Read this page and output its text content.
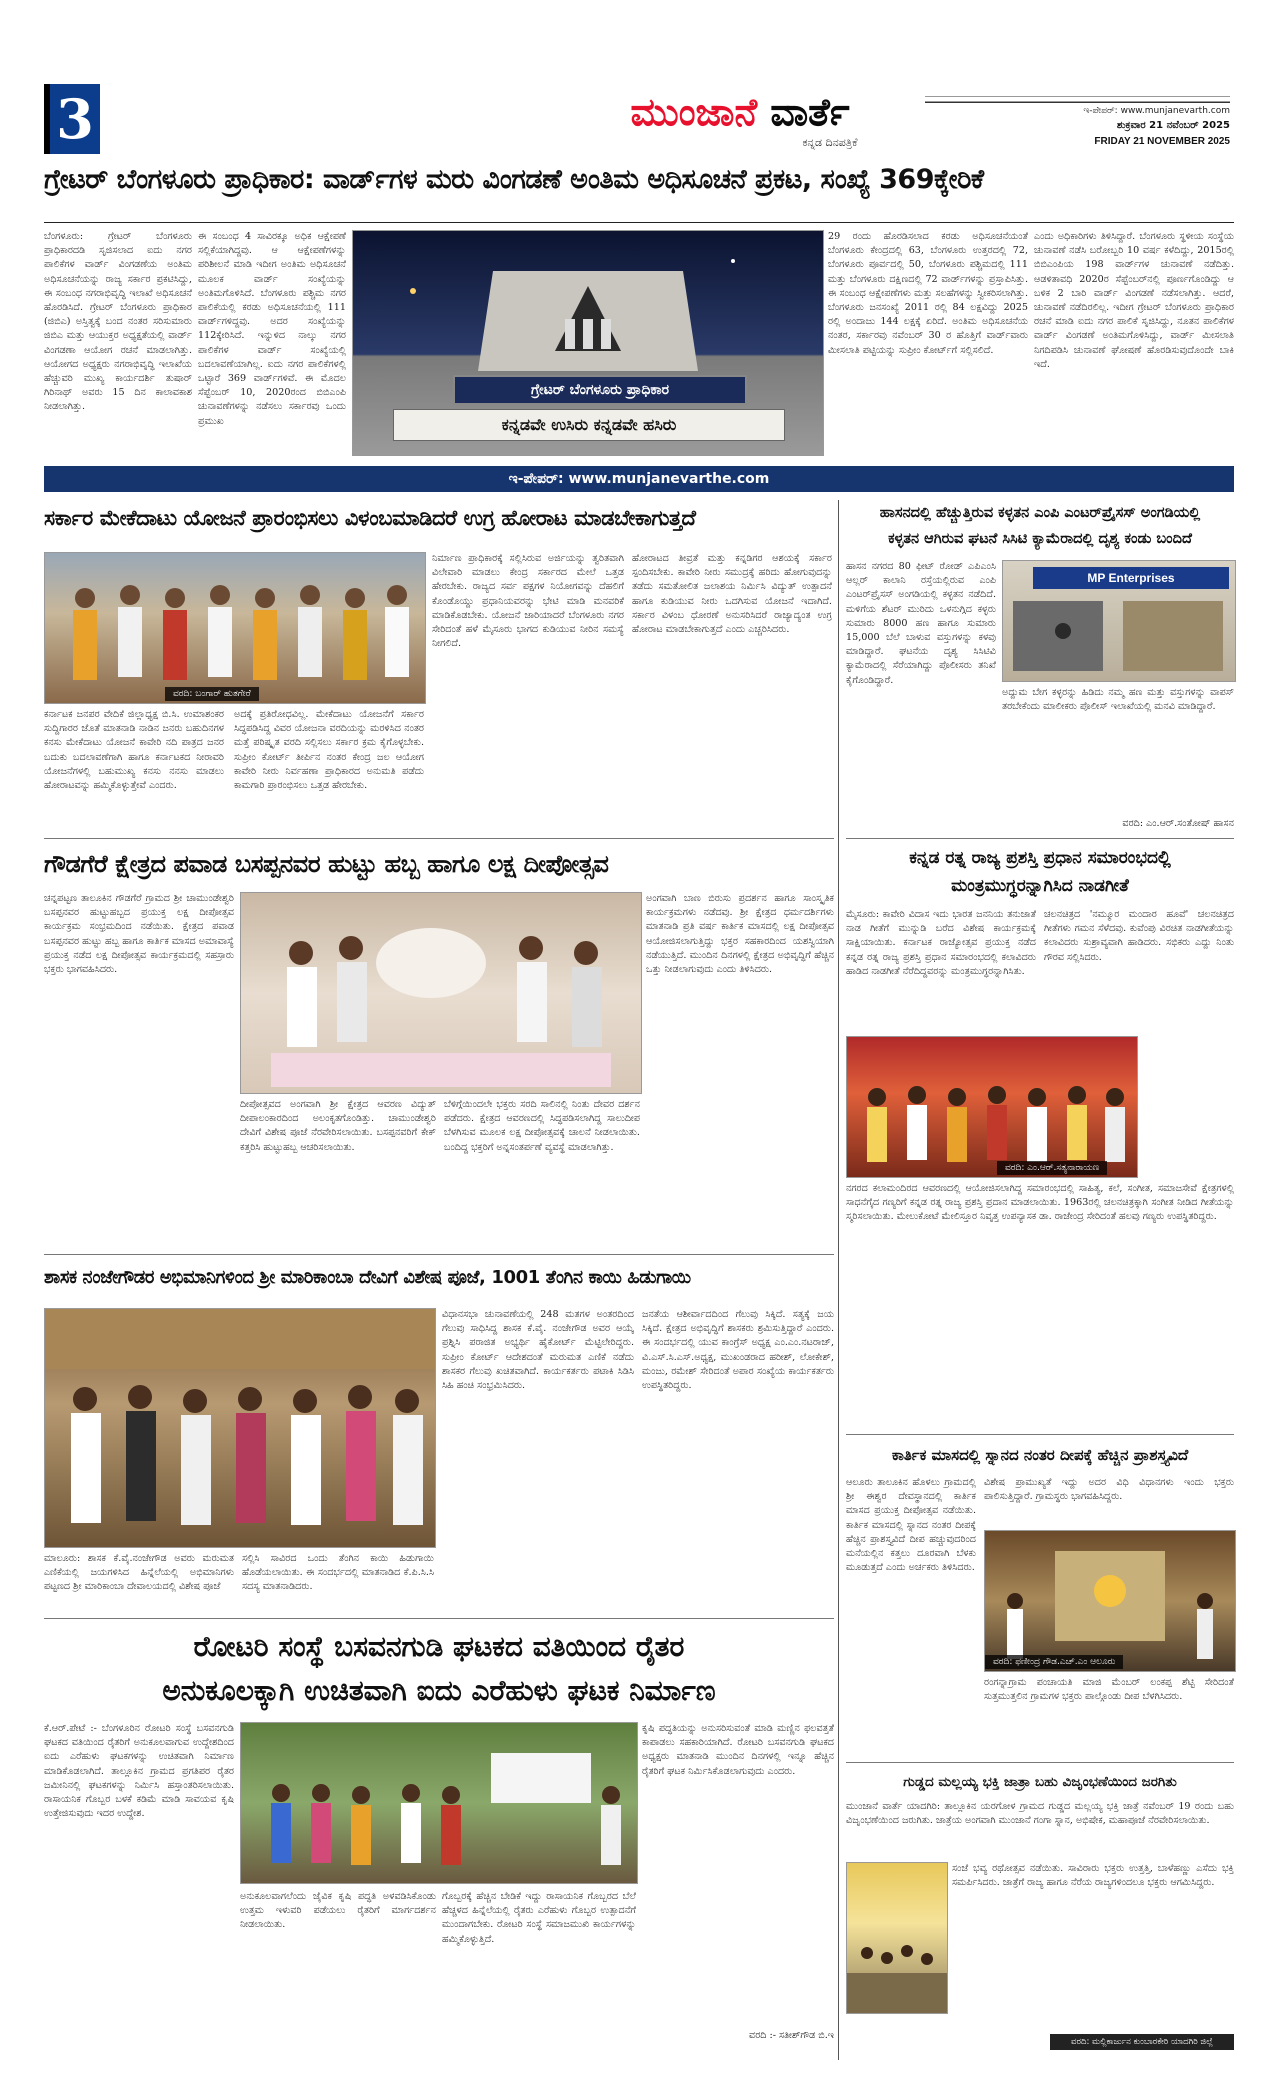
3	ಮುಂಜಾನೆ ವಾರ್ತೆ
ಕನ್ನಡ ದಿನಪತ್ರಿಕೆ
ಇ-ಪೇಪರ್: www.munjanevarth.com
ಶುಕ್ರವಾರ 21 ನವೆಂಬರ್ 2025
FRIDAY 21 NOVEMBER 2025
ಗ್ರೇಟರ್ ಬೆಂಗಳೂರು ಪ್ರಾಧಿಕಾರ: ವಾರ್ಡ್‌ಗಳ ಮರು ವಿಂಗಡಣೆ ಅಂತಿಮ ಅಧಿಸೂಚನೆ ಪ್ರಕಟ, ಸಂಖ್ಯೆ 369ಕ್ಕೇರಿಕೆ
ಬೆಂಗಳೂರು: ಗ್ರೇಟರ್ ಬೆಂಗಳೂರು ಪ್ರಾಧಿಕಾರದಡಿ ಸೃಜಿಸಲಾದ ಐದು ನಗರ ಪಾಲಿಕೆಗಳ ವಾರ್ಡ್ ವಿಂಗಡಣೆಯ ಅಂತಿಮ ಅಧಿಸೂಚನೆಯನ್ನು ರಾಜ್ಯ ಸರ್ಕಾರ ಪ್ರಕಟಿಸಿದ್ದು, ಈ ಸಂಬಂಧ ನಗರಾಭಿವೃದ್ಧಿ ಇಲಾಖೆ ಅಧಿಸೂಚನೆ ಹೊರಡಿಸಿದೆ. ಗ್ರೇಟರ್ ಬೆಂಗಳೂರು ಪ್ರಾಧಿಕಾರ (ಜಿಬಿಎ) ಅಸ್ತಿತ್ವಕ್ಕೆ ಬಂದ ನಂತರ ಸರಿಸುಮಾರು ಜಿಬಿಎ ಮತ್ತು ಆಯುಕ್ತರ ಅಧ್ಯಕ್ಷತೆಯಲ್ಲಿ ವಾರ್ಡ್ ವಿಂಗಡಣಾ ಆಯೋಗ ರಚನೆ ಮಾಡಲಾಗಿತ್ತು. ಆಯೋಗದ ಅಧ್ಯಕ್ಷರು ನಗರಾಭಿವೃದ್ಧಿ ಇಲಾಖೆಯ ಹೆಚ್ಚುವರಿ ಮುಖ್ಯ ಕಾರ್ಯದರ್ಶಿ ತುಷಾರ್ ಗಿರಿನಾಥ್ ಅವರು 15 ದಿನ ಕಾಲಾವಕಾಶ ನೀಡಲಾಗಿತ್ತು.
ಈ ಸಂಬಂಧ 4 ಸಾವಿರಕ್ಕೂ ಅಧಿಕ ಆಕ್ಷೇಪಣೆ ಸಲ್ಲಿಕೆಯಾಗಿದ್ದವು. ಆ ಆಕ್ಷೇಪಣೆಗಳನ್ನು ಪರಿಶೀಲನೆ ಮಾಡಿ ಇದೀಗ ಅಂತಿಮ ಅಧಿಸೂಚನೆ ಮೂಲಕ ವಾರ್ಡ್ ಸಂಖ್ಯೆಯನ್ನು ಅಂತಿಮಗೊಳಿಸಿದೆ. ಬೆಂಗಳೂರು ಪಶ್ಚಿಮ ನಗರ ಪಾಲಿಕೆಯಲ್ಲಿ ಕರಡು ಅಧಿಸೂಚನೆಯಲ್ಲಿ 111 ವಾರ್ಡ್‌ಗಳಿದ್ದವು. ಅದರ ಸಂಖ್ಯೆಯನ್ನು 112ಕ್ಕೇರಿಸಿದೆ. ಇನ್ನುಳಿದ ನಾಲ್ಕು ನಗರ ಪಾಲಿಕೆಗಳ ವಾರ್ಡ್ ಸಂಖ್ಯೆಯಲ್ಲಿ ಬದಲಾವಣೆಯಾಗಿಲ್ಲ. ಐದು ನಗರ ಪಾಲಿಕೆಗಳಲ್ಲಿ ಒಟ್ಟಾರೆ 369 ವಾರ್ಡ್‌ಗಳಿವೆ. ಈ ಮೊದಲ ಸೆಪ್ಟೆಂಬರ್ 10, 2020ರಂದ ಬಿಬಿಎಂಪಿ ಚುನಾವಣೆಗಳನ್ನು ನಡೆಸಲು ಸರ್ಕಾರವು ಒಂದು ಪ್ರಮುಖ
ಗ್ರೇಟರ್ ಬೆಂಗಳೂರು ಪ್ರಾಧಿಕಾರ
ಕನ್ನಡವೇ ಉಸಿರು ಕನ್ನಡವೇ ಹಸಿರು
29 ರಂದು ಹೊರಡಿಸಲಾದ ಕರಡು ಅಧಿಸೂಚನೆಯಂತೆ ಬೆಂಗಳೂರು ಕೇಂದ್ರದಲ್ಲಿ 63, ಬೆಂಗಳೂರು ಉತ್ತರದಲ್ಲಿ 72, ಬೆಂಗಳೂರು ಪೂರ್ವದಲ್ಲಿ 50, ಬೆಂಗಳೂರು ಪಶ್ಚಿಮದಲ್ಲಿ 111 ಮತ್ತು ಬೆಂಗಳೂರು ದಕ್ಷಿಣದಲ್ಲಿ 72 ವಾರ್ಡ್‌ಗಳನ್ನು ಪ್ರಸ್ತಾಪಿಸಿತ್ತು. ಈ ಸಂಬಂಧ ಆಕ್ಷೇಪಣೆಗಳು ಮತ್ತು ಸಲಹೆಗಳನ್ನು ಸ್ವೀಕರಿಸಲಾಗಿತ್ತು. ಬೆಂಗಳೂರು ಜನಸಂಖ್ಯೆ 2011 ರಲ್ಲಿ 84 ಲಕ್ಷವಿದ್ದು 2025 ರಲ್ಲಿ ಅಂದಾಜು 144 ಲಕ್ಷಕ್ಕೆ ಏರಿದೆ. ಅಂತಿಮ ಅಧಿಸೂಚನೆಯ ನಂತರ, ಸರ್ಕಾರವು ನವೆಂಬರ್ 30 ರ ಹೊತ್ತಿಗೆ ವಾರ್ಡ್‌ವಾರು ಮೀಸಲಾತಿ ಪಟ್ಟಿಯನ್ನು ಸುಪ್ರೀಂ ಕೋರ್ಟ್‌ಗೆ ಸಲ್ಲಿಸಲಿದೆ.
ಎಂದು ಅಧಿಕಾರಿಗಳು ತಿಳಿಸಿದ್ದಾರೆ. ಬೆಂಗಳೂರು ಸ್ಥಳೀಯ ಸಂಸ್ಥೆಯ ಚುನಾವಣೆ ನಡೆಸಿ ಬರೋಬ್ಬರಿ 10 ವರ್ಷ ಕಳೆದಿದ್ದು, 2015ರಲ್ಲಿ ಬಿಬಿಎಂಪಿಯ 198 ವಾರ್ಡ್‌ಗಳ ಚುನಾವಣೆ ನಡೆದಿತ್ತು. ಆಡಳಿತಾವಧಿ 2020ರ ಸೆಪ್ಟೆಂಬರ್‌ನಲ್ಲಿ ಪೂರ್ಣಗೊಂಡಿದ್ದು ಆ ಬಳಿಕ 2 ಬಾರಿ ವಾರ್ಡ್ ವಿಂಗಡಣೆ ನಡೆಸಲಾಗಿತ್ತು. ಆದರೆ, ಚುನಾವಣೆ ನಡೆದಿರಲಿಲ್ಲ. ಇದೀಗ ಗ್ರೇಟರ್ ಬೆಂಗಳೂರು ಪ್ರಾಧಿಕಾರ ರಚನೆ ಮಾಡಿ ಐದು ನಗರ ಪಾಲಿಕೆ ಸೃಜಿಸಿದ್ದು, ನೂತನ ಪಾಲಿಕೆಗಳ ವಾರ್ಡ್ ವಿಂಗಡಣೆ ಅಂತಿಮಗೊಳಿಸಿದ್ದು, ವಾರ್ಡ್ ಮೀಸಲಾತಿ ನಿಗದಿಪಡಿಸಿ ಚುನಾವಣೆ ಘೋಷಣೆ ಹೊರಡಿಸುವುದೊಂದೇ ಬಾಕಿ ಇದೆ.
ಇ-ಪೇಪರ್: www.munjanevarthe.com
ಸರ್ಕಾರ ಮೇಕೆದಾಟು ಯೋಜನೆ ಪ್ರಾರಂಭಿಸಲು ವಿಳಂಬಮಾಡಿದರೆ ಉಗ್ರ ಹೋರಾಟ ಮಾಡಬೇಕಾಗುತ್ತದೆ
ವರದಿ: ಬಂಗಾರ್‌ ಹುತಗೇರೆ
ಕರ್ನಾಟಕ ಜನಪರ ವೇದಿಕೆ ಜಿಲ್ಲಾಧ್ಯಕ್ಷ ಬಿ.ಸಿ. ಉಮಾಶಂಕರ ಸುದ್ದಿಗಾರರ ಜೊತೆ ಮಾತನಾಡಿ ನಾಡಿನ ಜನರು ಬಹುದಿನಗಳ ಕನಸು ಮೇಕೆದಾಟು ಯೋಜನೆ ಕಾವೇರಿ ನದಿ ಪಾತ್ರದ ಜನರ ಬದುಕು ಬದಲಾವಣೆಗಾಗಿ ಹಾಗೂ ಕರ್ನಾಟಕದ ನೀರಾವರಿ ಯೋಜನೆಗಳಲ್ಲಿ ಬಹುಮುಖ್ಯ ಕನಸು ನನಸು ಮಾಡಲು ಹೋರಾಟವನ್ನು ಹಮ್ಮಿಕೊಳ್ಳುತ್ತೇವೆ ಎಂದರು.
ಅದಕ್ಕೆ ಪ್ರತಿರೋಧವಿಲ್ಲ. ಮೇಕೆದಾಟು ಯೋಜನೆಗೆ ಸರ್ಕಾರ ಸಿದ್ಧಪಡಿಸಿದ್ದ ವಿವರ ಯೋಜನಾ ವರದಿಯನ್ನು ಮರಳಿಸಿದ ನಂತರ ಮತ್ತೆ ಪರಿಷ್ಕೃತ ವರದಿ ಸಲ್ಲಿಸಲು ಸರ್ಕಾರ ಕ್ರಮ ಕೈಗೊಳ್ಳಬೇಕು. ಸುಪ್ರೀಂ ಕೋರ್ಟ್ ತೀರ್ಪಿನ ನಂತರ ಕೇಂದ್ರ ಜಲ ಆಯೋಗ ಕಾವೇರಿ ನೀರು ನಿರ್ವಹಣಾ ಪ್ರಾಧಿಕಾರದ ಅನುಮತಿ ಪಡೆದು ಕಾಮಗಾರಿ ಪ್ರಾರಂಭಿಸಲು ಒತ್ತಡ ಹೇರಬೇಕು.
ನಿರ್ಮಾಣ ಪ್ರಾಧಿಕಾರಕ್ಕೆ ಸಲ್ಲಿಸಿರುವ ಅರ್ಜಿಯನ್ನು ತ್ವರಿತವಾಗಿ ವಿಲೇವಾರಿ ಮಾಡಲು ಕೇಂದ್ರ ಸರ್ಕಾರದ ಮೇಲೆ ಒತ್ತಡ ಹೇರಬೇಕು. ರಾಜ್ಯದ ಸರ್ವ ಪಕ್ಷಗಳ ನಿಯೋಗವನ್ನು ದೆಹಲಿಗೆ ಕೊಂಡೊಯ್ದು ಪ್ರಧಾನಿಯವರನ್ನು ಭೇಟಿ ಮಾಡಿ ಮನವರಿಕೆ ಮಾಡಿಕೊಡಬೇಕು. ಯೋಜನೆ ಜಾರಿಯಾದರೆ ಬೆಂಗಳೂರು ನಗರ ಸೇರಿದಂತೆ ಹಳೆ ಮೈಸೂರು ಭಾಗದ ಕುಡಿಯುವ ನೀರಿನ ಸಮಸ್ಯೆ ನೀಗಲಿದೆ.
ಹೋರಾಟದ ತೀವ್ರತೆ ಮತ್ತು ಕನ್ನಡಿಗರ ಆಶಯಕ್ಕೆ ಸರ್ಕಾರ ಸ್ಪಂದಿಸಬೇಕು. ಕಾವೇರಿ ನೀರು ಸಮುದ್ರಕ್ಕೆ ಹರಿದು ಹೋಗುವುದನ್ನು ತಡೆದು ಸಮತೋಲಿತ ಜಲಾಶಯ ನಿರ್ಮಿಸಿ ವಿದ್ಯುತ್ ಉತ್ಪಾದನೆ ಹಾಗೂ ಕುಡಿಯುವ ನೀರು ಒದಗಿಸುವ ಯೋಜನೆ ಇದಾಗಿದೆ. ಸರ್ಕಾರ ವಿಳಂಬ ಧೋರಣೆ ಅನುಸರಿಸಿದರೆ ರಾಜ್ಯಾದ್ಯಂತ ಉಗ್ರ ಹೋರಾಟ ಮಾಡಬೇಕಾಗುತ್ತದೆ ಎಂದು ಎಚ್ಚರಿಸಿದರು.
ಗೌಡಗೆರೆ ಕ್ಷೇತ್ರದ ಪವಾಡ ಬಸಪ್ಪನವರ ಹುಟ್ಟು ಹಬ್ಬ ಹಾಗೂ ಲಕ್ಷ ದೀಪೋತ್ಸವ
ಚನ್ನಪಟ್ಟಣ ತಾಲೂಕಿನ ಗೌಡಗೆರೆ ಗ್ರಾಮದ ಶ್ರೀ ಚಾಮುಂಡೇಶ್ವರಿ ಬಸಪ್ಪನವರ ಹುಟ್ಟುಹಬ್ಬದ ಪ್ರಯುಕ್ತ ಲಕ್ಷ ದೀಪೋತ್ಸವ ಕಾರ್ಯಕ್ರಮ ಸಂಭ್ರಮದಿಂದ ನಡೆಯಿತು. ಕ್ಷೇತ್ರದ ಪವಾಡ ಬಸಪ್ಪನವರ ಹುಟ್ಟು ಹಬ್ಬ ಹಾಗೂ ಕಾರ್ತಿಕ ಮಾಸದ ಅಮಾವಾಸ್ಯೆ ಪ್ರಯುಕ್ತ ನಡೆದ ಲಕ್ಷ ದೀಪೋತ್ಸವ ಕಾರ್ಯಕ್ರಮದಲ್ಲಿ ಸಹಸ್ರಾರು ಭಕ್ತರು ಭಾಗವಹಿಸಿದರು.
ದೀಪೋತ್ಸವದ ಅಂಗವಾಗಿ ಶ್ರೀ ಕ್ಷೇತ್ರದ ಆವರಣ ವಿದ್ಯುತ್ ದೀಪಾಲಂಕಾರದಿಂದ ಅಲಂಕೃತಗೊಂಡಿತ್ತು. ಚಾಮುಂಡೇಶ್ವರಿ ದೇವಿಗೆ ವಿಶೇಷ ಪೂಜೆ ನೆರವೇರಿಸಲಾಯಿತು. ಬಸಪ್ಪನವರಿಗೆ ಕೇಕ್ ಕತ್ತರಿಸಿ ಹುಟ್ಟುಹಬ್ಬ ಆಚರಿಸಲಾಯಿತು.
ಬೆಳಿಗ್ಗೆಯಿಂದಲೇ ಭಕ್ತರು ಸರದಿ ಸಾಲಿನಲ್ಲಿ ನಿಂತು ದೇವರ ದರ್ಶನ ಪಡೆದರು. ಕ್ಷೇತ್ರದ ಆವರಣದಲ್ಲಿ ಸಿದ್ಧಪಡಿಸಲಾಗಿದ್ದ ಸಾಲುದೀಪ ಬೆಳಗಿಸುವ ಮೂಲಕ ಲಕ್ಷ ದೀಪೋತ್ಸವಕ್ಕೆ ಚಾಲನೆ ನೀಡಲಾಯಿತು. ಬಂದಿದ್ದ ಭಕ್ತರಿಗೆ ಅನ್ನಸಂತರ್ಪಣೆ ವ್ಯವಸ್ಥೆ ಮಾಡಲಾಗಿತ್ತು.
ಅಂಗವಾಗಿ ಬಾಣ ಬಿರುಸು ಪ್ರದರ್ಶನ ಹಾಗೂ ಸಾಂಸ್ಕೃತಿಕ ಕಾರ್ಯಕ್ರಮಗಳು ನಡೆದವು. ಶ್ರೀ ಕ್ಷೇತ್ರದ ಧರ್ಮದರ್ಶಿಗಳು ಮಾತನಾಡಿ ಪ್ರತಿ ವರ್ಷ ಕಾರ್ತಿಕ ಮಾಸದಲ್ಲಿ ಲಕ್ಷ ದೀಪೋತ್ಸವ ಆಯೋಜಿಸಲಾಗುತ್ತಿದ್ದು ಭಕ್ತರ ಸಹಕಾರದಿಂದ ಯಶಸ್ವಿಯಾಗಿ ನಡೆಯುತ್ತಿದೆ. ಮುಂದಿನ ದಿನಗಳಲ್ಲಿ ಕ್ಷೇತ್ರದ ಅಭಿವೃದ್ಧಿಗೆ ಹೆಚ್ಚಿನ ಒತ್ತು ನೀಡಲಾಗುವುದು ಎಂದು ತಿಳಿಸಿದರು.
ಶಾಸಕ ನಂಜೇಗೌಡರ ಅಭಿಮಾನಿಗಳಿಂದ ಶ್ರೀ ಮಾರಿಕಾಂಬಾ ದೇವಿಗೆ ವಿಶೇಷ ಪೂಜೆ, 1001 ತೆಂಗಿನ ಕಾಯಿ ಹಿಡುಗಾಯಿ
ಮಾಲೂರು: ಶಾಸಕ ಕೆ.ವೈ.ನಂಜೇಗೌಡ ಅವರು ಮರುಮತ ಎಣಿಕೆಯಲ್ಲಿ ಜಯಗಳಿಸಿದ ಹಿನ್ನೆಲೆಯಲ್ಲಿ ಅಭಿಮಾನಿಗಳು ಪಟ್ಟಣದ ಶ್ರೀ ಮಾರಿಕಾಂಬಾ ದೇವಾಲಯದಲ್ಲಿ ವಿಶೇಷ ಪೂಜೆ
ಸಲ್ಲಿಸಿ ಸಾವಿರದ ಒಂದು ತೆಂಗಿನ ಕಾಯಿ ಹಿಡುಗಾಯಿ ಹೊಡೆಯಲಾಯಿತು. ಈ ಸಂದರ್ಭದಲ್ಲಿ ಮಾತನಾಡಿದ ಕೆ.ಪಿ.ಸಿ.ಸಿ ಸದಸ್ಯ ಮಾತನಾಡಿದರು.
ವಿಧಾನಸಭಾ ಚುನಾವಣೆಯಲ್ಲಿ 248 ಮತಗಳ ಅಂತರದಿಂದ ಗೆಲುವು ಸಾಧಿಸಿದ್ದ ಶಾಸಕ ಕೆ.ವೈ. ನಂಜೇಗೌಡ ಅವರ ಆಯ್ಕೆ ಪ್ರಶ್ನಿಸಿ ಪರಾಜಿತ ಅಭ್ಯರ್ಥಿ ಹೈಕೋರ್ಟ್ ಮೆಟ್ಟಿಲೇರಿದ್ದರು. ಸುಪ್ರೀಂ ಕೋರ್ಟ್ ಆದೇಶದಂತೆ ಮರುಮತ ಎಣಿಕೆ ನಡೆದು ಶಾಸಕರ ಗೆಲುವು ಖಚಿತವಾಗಿದೆ. ಕಾರ್ಯಕರ್ತರು ಪಟಾಕಿ ಸಿಡಿಸಿ ಸಿಹಿ ಹಂಚಿ ಸಂಭ್ರಮಿಸಿದರು.
ಜನತೆಯ ಆಶೀರ್ವಾದದಿಂದ ಗೆಲುವು ಸಿಕ್ಕಿದೆ. ಸತ್ಯಕ್ಕೆ ಜಯ ಸಿಕ್ಕಿದೆ. ಕ್ಷೇತ್ರದ ಅಭಿವೃದ್ಧಿಗೆ ಶಾಸಕರು ಶ್ರಮಿಸುತ್ತಿದ್ದಾರೆ ಎಂದರು. ಈ ಸಂದರ್ಭದಲ್ಲಿ ಯುವ ಕಾಂಗ್ರೆಸ್ ಅಧ್ಯಕ್ಷ ಎಂ.ಎಂ.ನಟರಾಜ್, ವಿ.ಎಸ್.ಸಿ.ಎಸ್.ಅಧ್ಯಕ್ಷ, ಮುಖಂಡರಾದ ಹರೀಶ್, ಲೋಕೇಶ್, ಮಂಜು, ರಮೇಶ್ ಸೇರಿದಂತೆ ಅಪಾರ ಸಂಖ್ಯೆಯ ಕಾರ್ಯಕರ್ತರು ಉಪಸ್ಥಿತರಿದ್ದರು.
ರೋಟರಿ ಸಂಸ್ಥೆ ಬಸವನಗುಡಿ ಘಟಕದ ವತಿಯಿಂದ ರೈತರ
ಅನುಕೂಲಕ್ಕಾಗಿ ಉಚಿತವಾಗಿ ಐದು ಎರೆಹುಳು ಘಟಕ ನಿರ್ಮಾಣ
ಕೆ.ಆರ್.ಪೇಟೆ :- ಬೆಂಗಳೂರಿನ ರೋಟರಿ ಸಂಸ್ಥೆ ಬಸವನಗುಡಿ ಘಟಕದ ವತಿಯಿಂದ ರೈತರಿಗೆ ಅನುಕೂಲವಾಗುವ ಉದ್ದೇಶದಿಂದ ಐದು ಎರೆಹುಳು ಘಟಕಗಳನ್ನು ಉಚಿತವಾಗಿ ನಿರ್ಮಾಣ ಮಾಡಿಕೊಡಲಾಗಿದೆ. ತಾಲ್ಲೂಕಿನ ಗ್ರಾಮದ ಪ್ರಗತಿಪರ ರೈತರ ಜಮೀನಿನಲ್ಲಿ ಘಟಕಗಳನ್ನು ನಿರ್ಮಿಸಿ ಹಸ್ತಾಂತರಿಸಲಾಯಿತು. ರಾಸಾಯನಿಕ ಗೊಬ್ಬರ ಬಳಕೆ ಕಡಿಮೆ ಮಾಡಿ ಸಾವಯವ ಕೃಷಿ ಉತ್ತೇಜಿಸುವುದು ಇದರ ಉದ್ದೇಶ.
ಅನುಕೂಲವಾಗಲೆಂದು ಜೈವಿಕ ಕೃಷಿ ಪದ್ಧತಿ ಅಳವಡಿಸಿಕೊಂಡು ಉತ್ತಮ ಇಳುವರಿ ಪಡೆಯಲು ರೈತರಿಗೆ ಮಾರ್ಗದರ್ಶನ ನೀಡಲಾಯಿತು.
ಗೊಬ್ಬರಕ್ಕೆ ಹೆಚ್ಚಿನ ಬೇಡಿಕೆ ಇದ್ದು ರಾಸಾಯನಿಕ ಗೊಬ್ಬರದ ಬೆಲೆ ಹೆಚ್ಚಳದ ಹಿನ್ನೆಲೆಯಲ್ಲಿ ರೈತರು ಎರೆಹುಳು ಗೊಬ್ಬರ ಉತ್ಪಾದನೆಗೆ ಮುಂದಾಗಬೇಕು. ರೋಟರಿ ಸಂಸ್ಥೆ ಸಮಾಜಮುಖಿ ಕಾರ್ಯಗಳನ್ನು ಹಮ್ಮಿಕೊಳ್ಳುತ್ತಿದೆ.
ಕೃಷಿ ಪದ್ಧತಿಯನ್ನು ಅನುಸರಿಸುವಂತೆ ಮಾಡಿ ಮಣ್ಣಿನ ಫಲವತ್ತತೆ ಕಾಪಾಡಲು ಸಹಕಾರಿಯಾಗಿದೆ. ರೋಟರಿ ಬಸವನಗುಡಿ ಘಟಕದ ಅಧ್ಯಕ್ಷರು ಮಾತನಾಡಿ ಮುಂದಿನ ದಿನಗಳಲ್ಲಿ ಇನ್ನೂ ಹೆಚ್ಚಿನ ರೈತರಿಗೆ ಘಟಕ ನಿರ್ಮಿಸಿಕೊಡಲಾಗುವುದು ಎಂದರು.
ವರದಿ :- ಸತೀಶ್‌ಗೌಡ ಬಿ.ಇ
ಹಾಸನದಲ್ಲಿ ಹೆಚ್ಚುತ್ತಿರುವ ಕಳ್ಳತನ ಎಂಪಿ ಎಂಟರ್‌ಪ್ರೈಸಸ್ ಅಂಗಡಿಯಲ್ಲಿ
ಕಳ್ಳತನ ಆಗಿರುವ ಘಟನೆ ಸಿಸಿಟಿ ಕ್ಯಾಮೆರಾದಲ್ಲಿ ದೃಶ್ಯ ಕಂಡು ಬಂದಿದೆ
ಹಾಸನ ನಗರದ 80 ಫೀಟ್ ರೋಡ್ ಎಪಿಎಂಸಿ ಆಲ್ಲರ್ ಕಾಲಾನಿ ರಸ್ತೆಯಲ್ಲಿರುವ ಎಂಪಿ ಎಂಟರ್‌ಪ್ರೈಸಸ್ ಅಂಗಡಿಯಲ್ಲಿ ಕಳ್ಳತನ ನಡೆದಿದೆ. ಮಳಿಗೆಯ ಶೆಟರ್ ಮುರಿದು ಒಳನುಗ್ಗಿದ ಕಳ್ಳರು ಸುಮಾರು 8000 ಹಣ ಹಾಗೂ ಸುಮಾರು 15,000 ಬೆಲೆ ಬಾಳುವ ವಸ್ತುಗಳನ್ನು ಕಳವು ಮಾಡಿದ್ದಾರೆ. ಘಟನೆಯ ದೃಶ್ಯ ಸಿಸಿಟಿವಿ ಕ್ಯಾಮೆರಾದಲ್ಲಿ ಸೆರೆಯಾಗಿದ್ದು ಪೊಲೀಸರು ತನಿಖೆ ಕೈಗೊಂಡಿದ್ದಾರೆ.
MP Enterprises
ಅದ್ದುಮ ಬೇಗ ಕಳ್ಳರನ್ನು ಹಿಡಿದು ನಮ್ಮ ಹಣ ಮತ್ತು ವಸ್ತುಗಳನ್ನು ವಾಪಸ್ ತರಬೇಕೆಂದು ಮಾಲೀಕರು ಪೊಲೀಸ್ ಇಲಾಖೆಯಲ್ಲಿ ಮನವಿ ಮಾಡಿದ್ದಾರೆ.
ವರದಿ: ಎಂ.ಆರ್.ಸಂತೋಷ್ ಹಾಸನ
ಕನ್ನಡ ರತ್ನ ರಾಜ್ಯ ಪ್ರಶಸ್ತಿ ಪ್ರಧಾನ ಸಮಾರಂಭದಲ್ಲಿ
ಮಂತ್ರಮುಗ್ಧರನ್ನಾಗಿಸಿದ ನಾಡಗೀತೆ
ಮೈಸೂರು: ಕಾವೇರಿ ವಿದಾಸ ಇದು ಭಾರತ ಜನನಿಯ ತನುಜಾತೆ ನಾಡ ಗೀತೆಗೆ ಮುನ್ನುಡಿ ಬರೆದ ವಿಶೇಷ ಕಾರ್ಯಕ್ರಮಕ್ಕೆ ಸಾಕ್ಷಿಯಾಯಿತು. ಕರ್ನಾಟಕ ರಾಜ್ಯೋತ್ಸವ ಪ್ರಯುಕ್ತ ನಡೆದ ಕನ್ನಡ ರತ್ನ ರಾಜ್ಯ ಪ್ರಶಸ್ತಿ ಪ್ರಧಾನ ಸಮಾರಂಭದಲ್ಲಿ ಕಲಾವಿದರು ಹಾಡಿದ ನಾಡಗೀತೆ ನೆರೆದಿದ್ದವರನ್ನು ಮಂತ್ರಮುಗ್ಧರನ್ನಾಗಿಸಿತು.
ಚಲನಚಿತ್ರದ 'ನಮ್ಮೂರ ಮಂದಾರ ಹೂವೆ' ಚಲನಚಿತ್ರದ ಗೀತೆಗಳು ಗಮನ ಸೆಳೆದವು. ಕುವೆಂಪು ವಿರಚಿತ ನಾಡಗೀತೆಯನ್ನು ಕಲಾವಿದರು ಸುಶ್ರಾವ್ಯವಾಗಿ ಹಾಡಿದರು. ಸಭಿಕರು ಎದ್ದು ನಿಂತು ಗೌರವ ಸಲ್ಲಿಸಿದರು.
ವರದಿ: ಎಂ.ಆರ್.ಸತ್ಯನಾರಾಯಣ
ನಗರದ ಕಲಾಮಂದಿರದ ಆವರಣದಲ್ಲಿ ಆಯೋಜಿಸಲಾಗಿದ್ದ ಸಮಾರಂಭದಲ್ಲಿ ಸಾಹಿತ್ಯ, ಕಲೆ, ಸಂಗೀತ, ಸಮಾಜಸೇವೆ ಕ್ಷೇತ್ರಗಳಲ್ಲಿ ಸಾಧನೆಗೈದ ಗಣ್ಯರಿಗೆ ಕನ್ನಡ ರತ್ನ ರಾಜ್ಯ ಪ್ರಶಸ್ತಿ ಪ್ರದಾನ ಮಾಡಲಾಯಿತು. 1963ರಲ್ಲಿ ಚಲನಚಿತ್ರಕ್ಕಾಗಿ ಸಂಗೀತ ನೀಡಿದ ಗೀತೆಯನ್ನು ಸ್ಮರಿಸಲಾಯಿತು. ಮೇಲುಕೋಟೆ ಮೇಲಿಸ್ತೂರ ನಿವೃತ್ತ ಉಪನ್ಯಾಸಕ ಡಾ. ರಾಜೇಂದ್ರ ಸೇರಿದಂತೆ ಹಲವು ಗಣ್ಯರು ಉಪಸ್ಥಿತರಿದ್ದರು.
ಕಾರ್ತಿಕ ಮಾಸದಲ್ಲಿ ಸ್ನಾನದ ನಂತರ ದೀಪಕ್ಕೆ ಹೆಚ್ಚಿನ ಪ್ರಾಶಸ್ತ್ಯವಿದೆ
ಆಲೂರು ತಾಲೂಕಿನ ಹೊಳಲು ಗ್ರಾಮದಲ್ಲಿ ಶ್ರೀ ಈಶ್ವರ ದೇವಸ್ಥಾನದಲ್ಲಿ ಕಾರ್ತಿಕ ಮಾಸದ ಪ್ರಯುಕ್ತ ದೀಪೋತ್ಸವ ನಡೆಯಿತು. ಕಾರ್ತಿಕ ಮಾಸದಲ್ಲಿ ಸ್ನಾನದ ನಂತರ ದೀಪಕ್ಕೆ ಹೆಚ್ಚಿನ ಪ್ರಾಶಸ್ತ್ಯವಿದೆ ದೀಪ ಹಚ್ಚುವುದರಿಂದ ಮನೆಯಲ್ಲಿನ ಕತ್ತಲು ದೂರವಾಗಿ ಬೆಳಕು ಮೂಡುತ್ತದೆ ಎಂದು ಅರ್ಚಕರು ತಿಳಿಸಿದರು.
ವಿಶೇಷ ಪ್ರಾಮುಖ್ಯತೆ ಇದ್ದು ಅದರ ವಿಧಿ ವಿಧಾನಗಳು ಇಂದು ಭಕ್ತರು ಪಾಲಿಸುತ್ತಿದ್ದಾರೆ. ಗ್ರಾಮಸ್ಥರು ಭಾಗವಹಿಸಿದ್ದರು.
ವರದಿ: ಫಣೀಂದ್ರ ಗೌಡ.ಎಚ್.ಎಂ ಆಲೂರು
ರಂಗನ್ನಾಗ್ರಾಮ ಪಂಚಾಯತಿ ಮಾಜಿ ಮೆಂಬರ್ ಲಂಕಪ್ಪ ಶೆಟ್ಟಿ ಸೇರಿದಂತೆ ಸುತ್ತಮುತ್ತಲಿನ ಗ್ರಾಮಗಳ ಭಕ್ತರು ಪಾಲ್ಗೊಂಡು ದೀಪ ಬೆಳಗಿಸಿದರು.
ಗುಡ್ಡದ ಮಲ್ಲಯ್ಯ ಭಕ್ತಿ ಜಾತ್ರಾ ಬಹು ವಿಜೃಂಭಣೆಯಿಂದ ಜರಗಿತು
ಮುಂಜಾನೆ ವಾರ್ತೆ ಯಾದಗಿರಿ: ತಾಲ್ಲೂಕಿನ ಯರಗೋಳ ಗ್ರಾಮದ ಗುಡ್ಡದ ಮಲ್ಲಯ್ಯ ಭಕ್ತಿ ಜಾತ್ರೆ ನವೆಂಬರ್ 19 ರಂದು ಬಹು ವಿಜೃಂಭಣೆಯಿಂದ ಜರುಗಿತು. ಜಾತ್ರೆಯ ಅಂಗವಾಗಿ ಮುಂಜಾನೆ ಗಂಗಾ ಸ್ನಾನ, ಅಭಿಷೇಕ, ಮಹಾಪೂಜೆ ನೆರವೇರಿಸಲಾಯಿತು.
ಸಂಜೆ ಭವ್ಯ ರಥೋತ್ಸವ ನಡೆಯಿತು. ಸಾವಿರಾರು ಭಕ್ತರು ಉತ್ತತ್ತಿ, ಬಾಳೆಹಣ್ಣು ಎಸೆದು ಭಕ್ತಿ ಸಮರ್ಪಿಸಿದರು. ಜಾತ್ರೆಗೆ ರಾಜ್ಯ ಹಾಗೂ ನೆರೆಯ ರಾಜ್ಯಗಳಿಂದಲೂ ಭಕ್ತರು ಆಗಮಿಸಿದ್ದರು.
ವರದಿ: ಮಲ್ಲಿಕಾರ್ಜುನ ಕುಂಬಾರಕೇರಿ ಯಾದಗಿರಿ ಜಿಲ್ಲೆ
